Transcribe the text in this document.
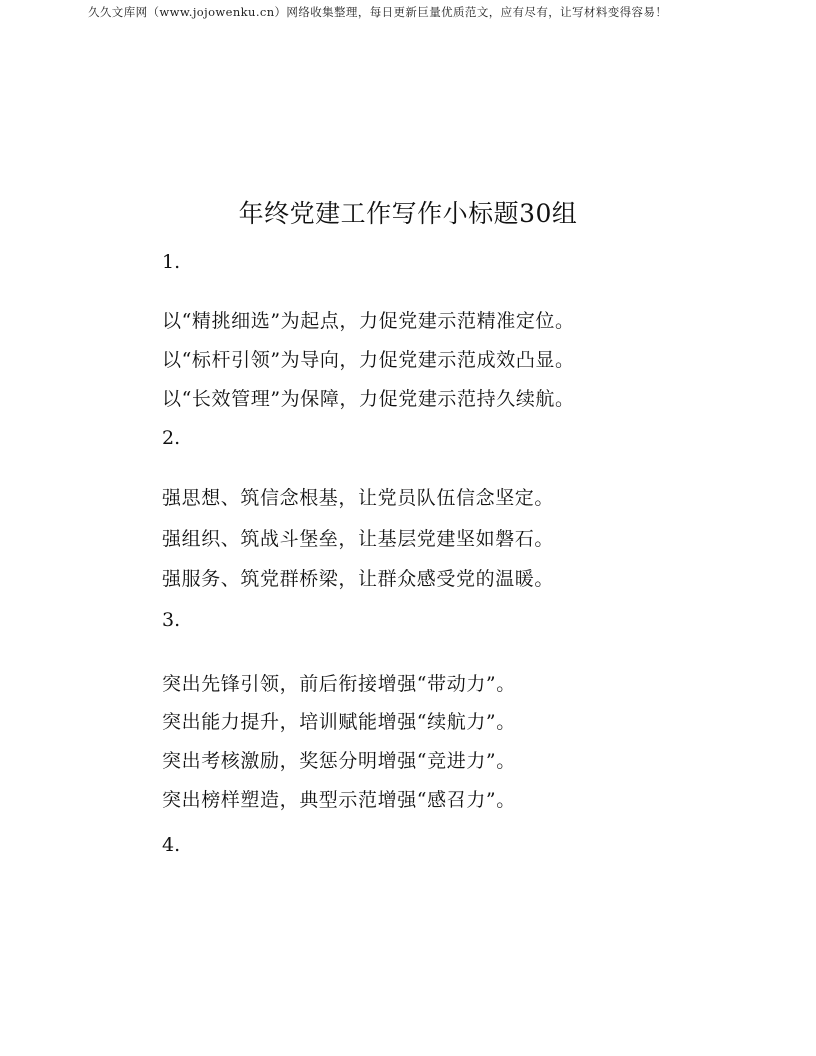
久久文库网（www.jojowenku.cn）网络收集整理，每日更新巨量优质范文，应有尽有，让写材料变得容易！
年终党建工作写作小标题30组
1.
以“精挑细选”为起点，力促党建示范精准定位。
以“标杆引领”为导向，力促党建示范成效凸显。
以“长效管理”为保障，力促党建示范持久续航。
2.
强思想、筑信念根基，让党员队伍信念坚定。
强组织、筑战斗堡垒，让基层党建坚如磐石。
强服务、筑党群桥梁，让群众感受党的温暖。
3.
突出先锋引领，前后衔接增强“带动力”。
突出能力提升，培训赋能增强“续航力”。
突出考核激励，奖惩分明增强“竞进力”。
突出榜样塑造，典型示范增强“感召力”。
4.
